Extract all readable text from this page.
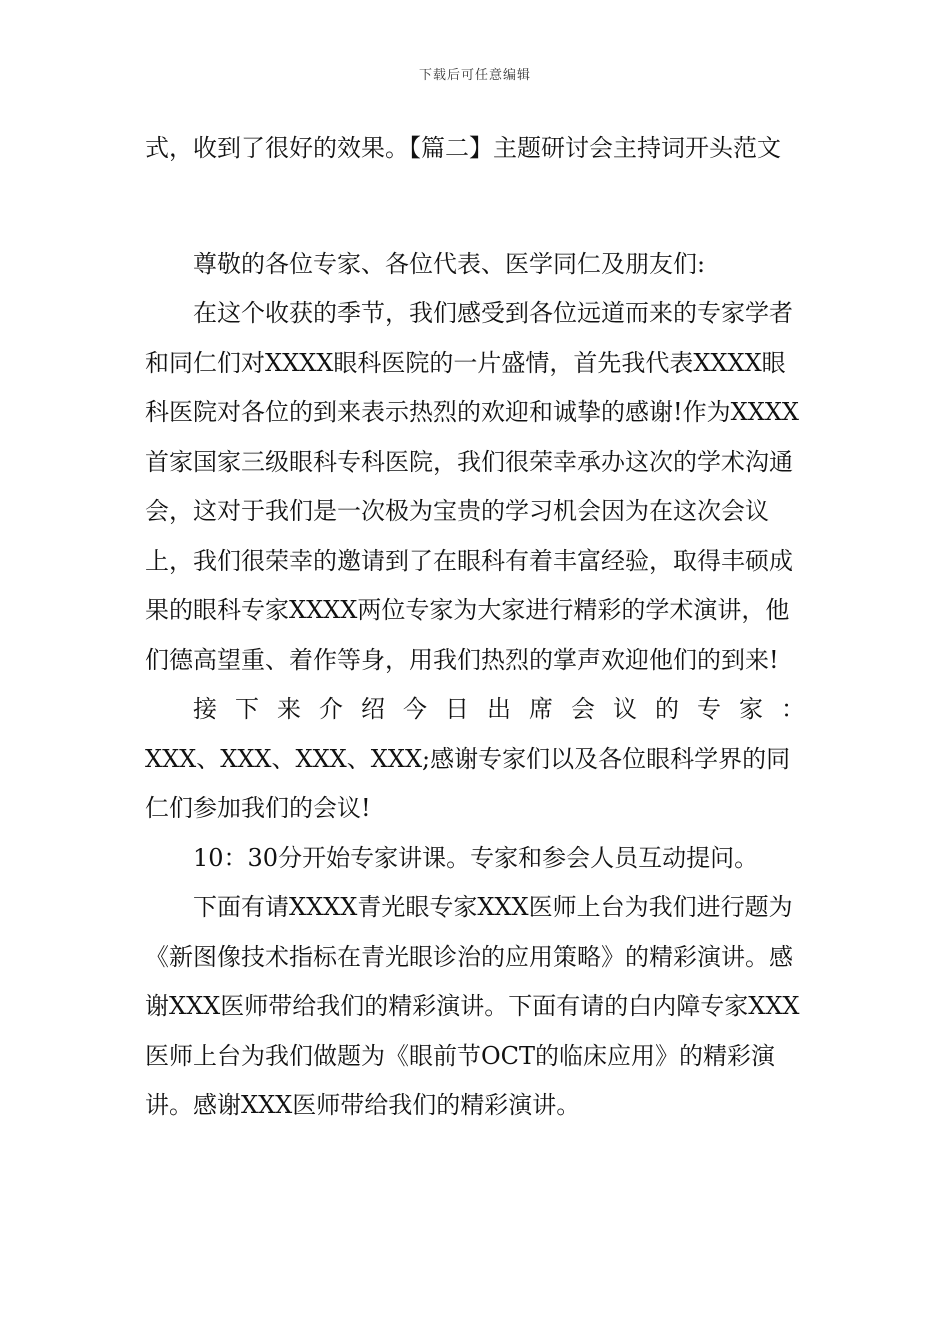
下载后可任意编辑

式，收到了很好的效果。【篇二】主题研讨会主持词开头范文

尊敬的各位专家、各位代表、医学同仁及朋友们:

在这个收获的季节，我们感受到各位远道而来的专家学者和同仁们对XXXX眼科医院的一片盛情，首先我代表XXXX眼科医院对各位的到来表示热烈的欢迎和诚挚的感谢!作为XXXX首家国家三级眼科专科医院，我们很荣幸承办这次的学术沟通会，这对于我们是一次极为宝贵的学习机会因为在这次会议上，我们很荣幸的邀请到了在眼科有着丰富经验，取得丰硕成果的眼科专家XXXX两位专家为大家进行精彩的学术演讲，他们德高望重、着作等身，用我们热烈的掌声欢迎他们的到来!

接下来介绍今日出席会议的专家：

XXX、XXX、XXX、XXX;感谢专家们以及各位眼科学界的同仁们参加我们的会议!

10：30分开始专家讲课。专家和参会人员互动提问。

下面有请XXXX青光眼专家XXX医师上台为我们进行题为《新图像技术指标在青光眼诊治的应用策略》的精彩演讲。感谢XXX医师带给我们的精彩演讲。下面有请的白内障专家XXX医师上台为我们做题为《眼前节OCT的临床应用》的精彩演讲。感谢XXX医师带给我们的精彩演讲。
